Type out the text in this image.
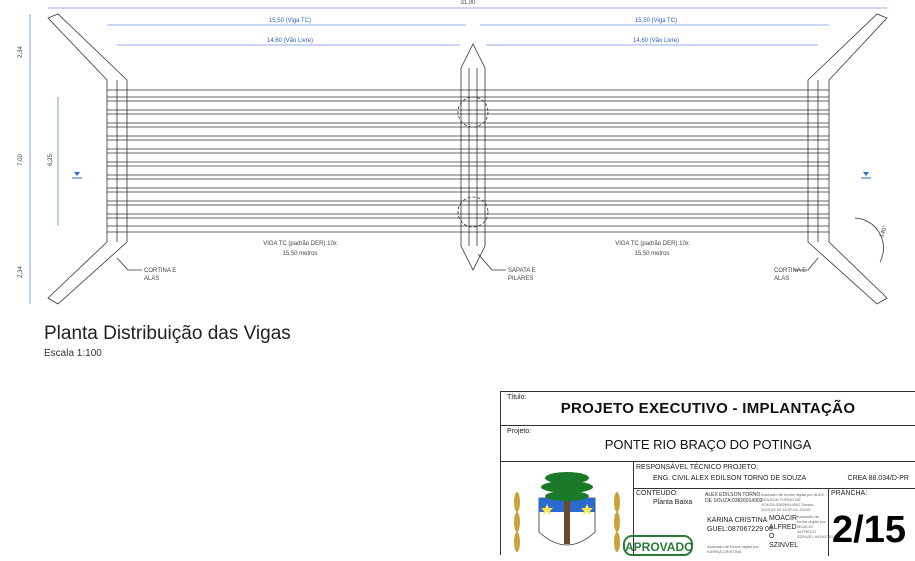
31,00
15,50 (Viga TC)	15,50 (Viga TC)
14,60 (Vão Livre)	14,60 (Vão Livre)
2,34
7,00	6,25
2,34
140°
VIGA TC (padrão DER) 10x
15,50 metros
VIGA TC (padrão DER) 10x
15,50 metros
CORTINA E
ALAS
SAPATA E
PILARES
CORTINA E
ALAS
Planta Distribuição das Vigas
Escala 1:100
Título:
PROJETO EXECUTIVO - IMPLANTAÇÃO
Projeto:
PONTE RIO BRAÇO DO POTINGA
RESPONSÁVEL TÉCNICO PROJETO:
ENG. CIVIL ALEX EDILSON TORNO DE SOUZA	CREA 88.034/D-PR
CONTEUDO:
Planta Baixa
ALEX EDILSON TORNO
DE SOUZA:03826914902
Assinado de forma digital por ALEX EDILSON TORNO DE SOUZA:03826914902 Dados: 2023.03.25 15:57:04 -03'00'
APROVADO
KARINA CRISTINA GUEL:087067229 03
Assinado de forma digital por KARINA CRISTINA
MOACIR ALFRED O SZINVEL
Assinado de forma digital por MOACIR ALFREDO SZINVEL:94340760
PRANCHA:
2/15
